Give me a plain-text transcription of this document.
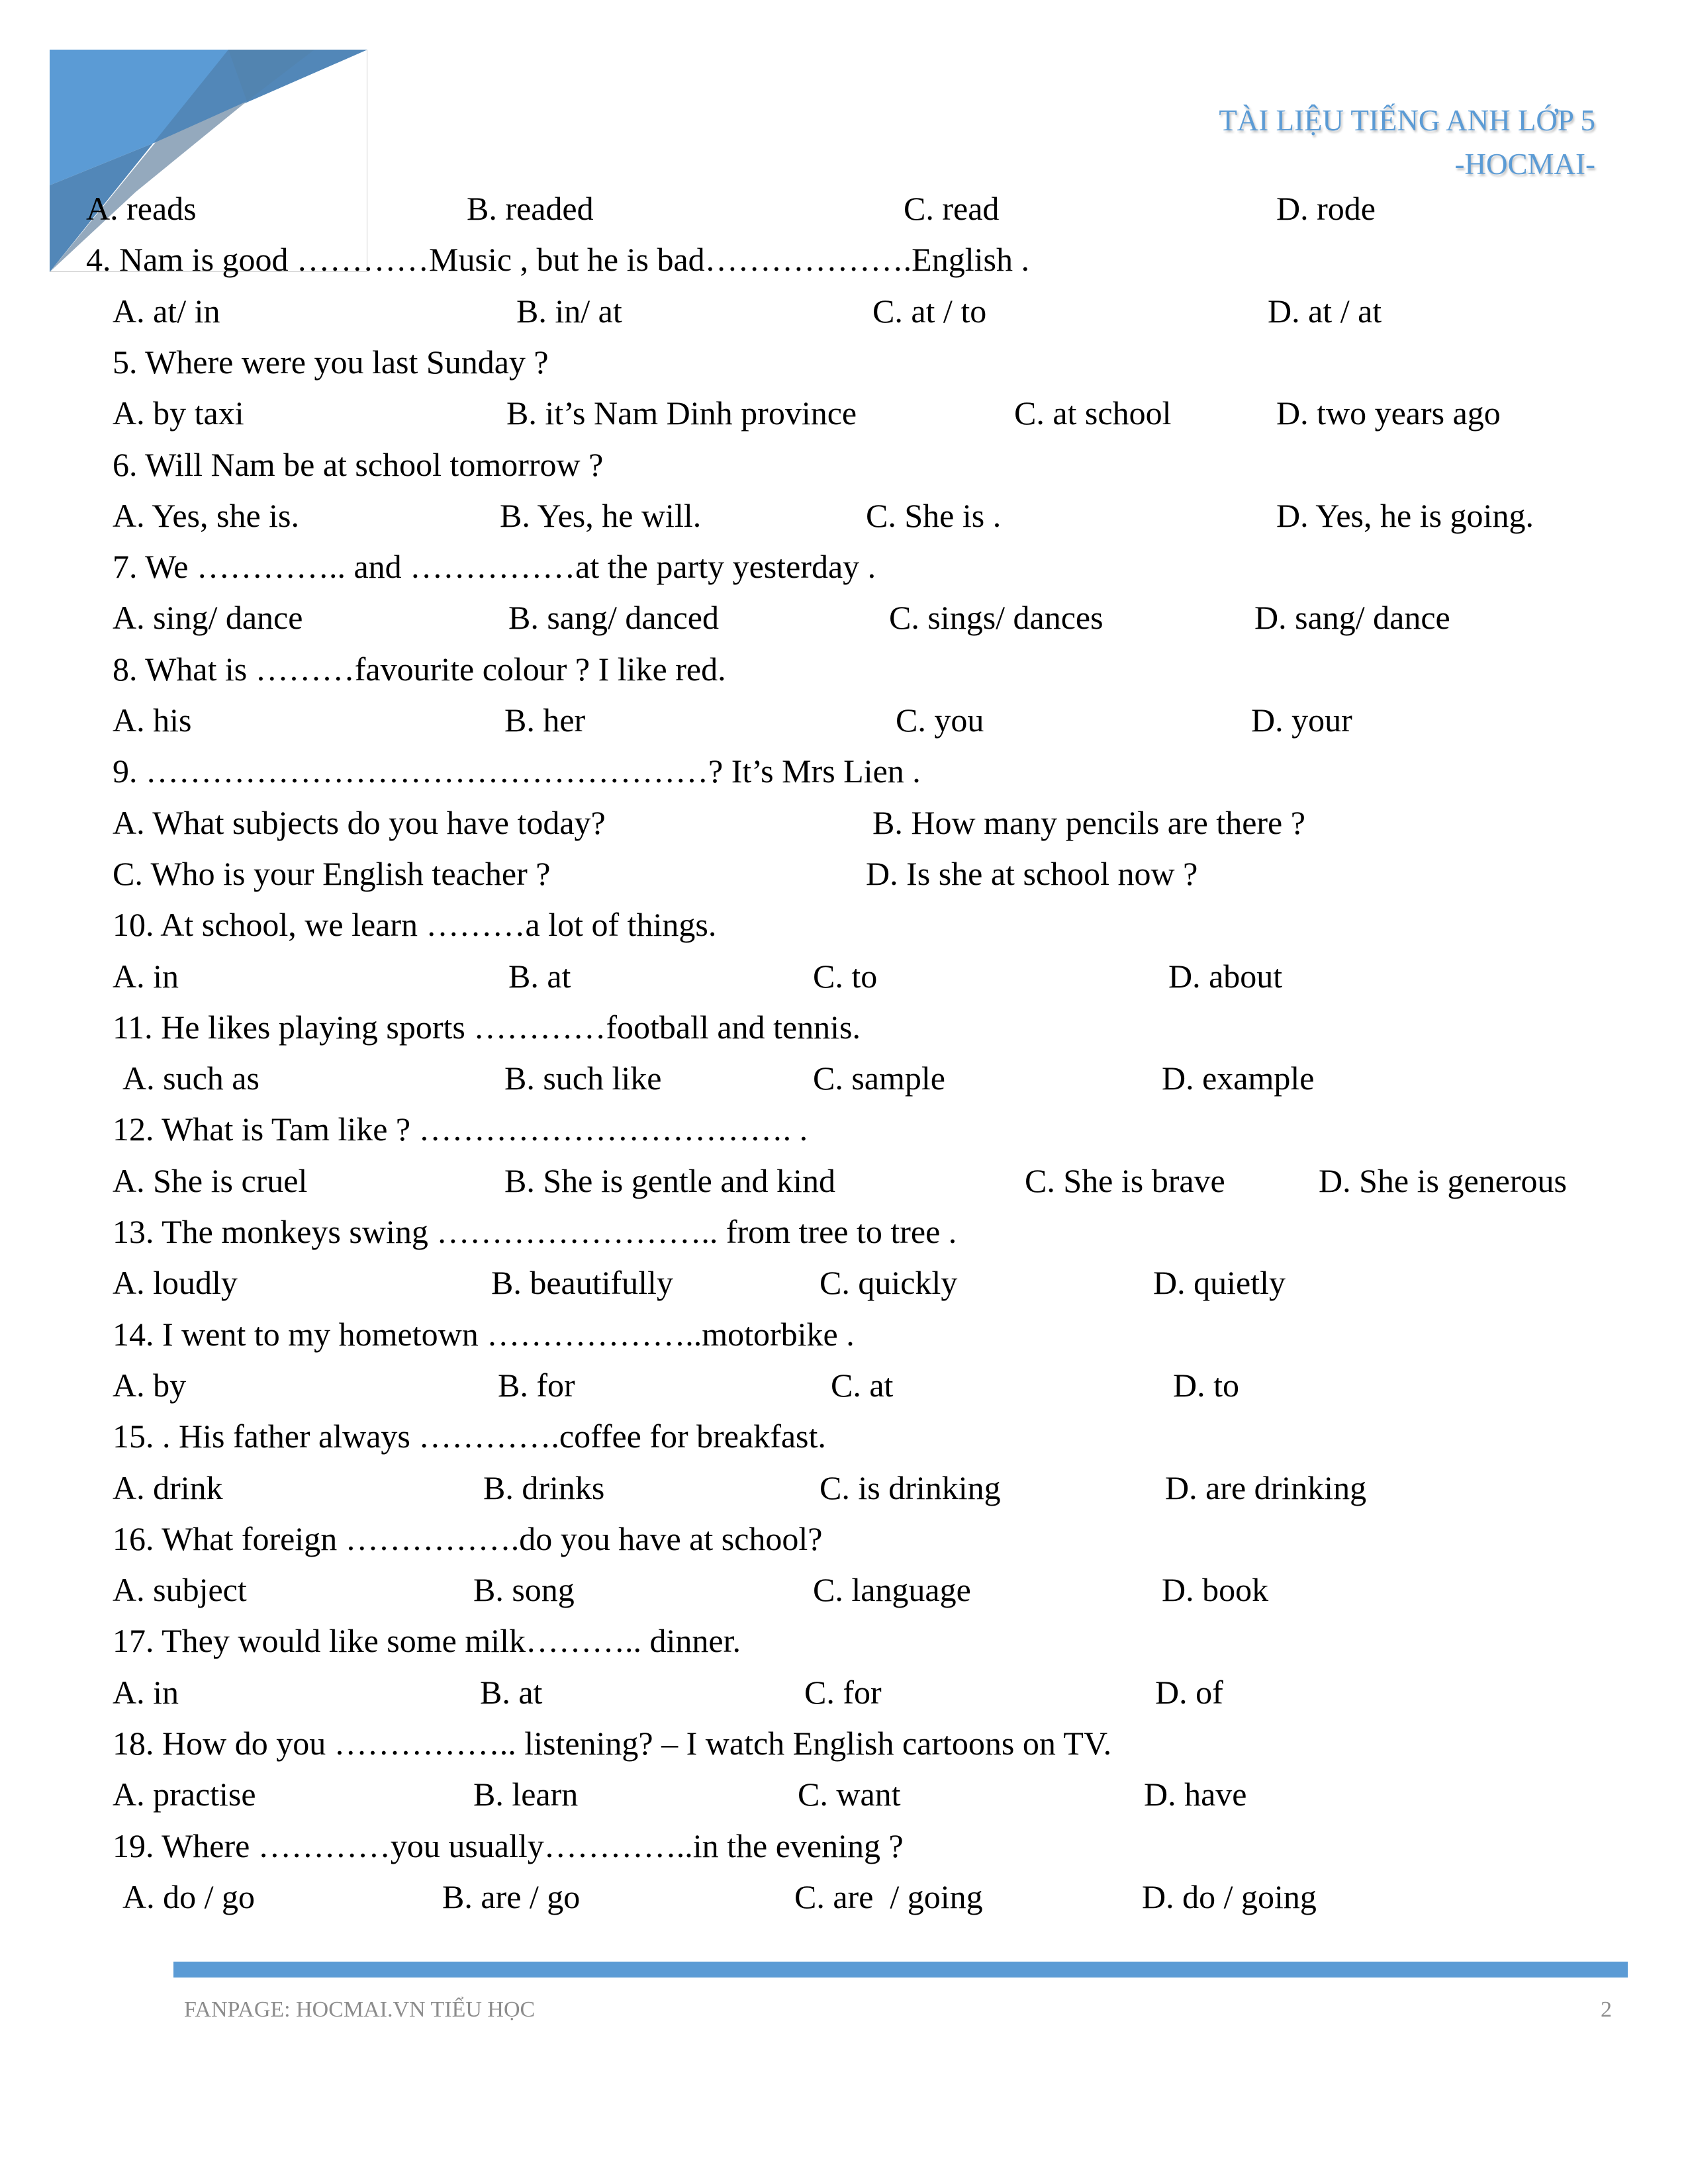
TÀI LIỆU TIẾNG ANH LỚP 5
-HOCMAI-
A. reads	B. readed	C. read	D. rode
4. Nam is good …………Music , but he is bad……………….English .
A. at/ in	B. in/ at	C. at / to	D. at / at
5. Where were you last Sunday ?
A. by taxi	B. it’s Nam Dinh province	C. at school	D. two years ago
6. Will Nam be at school tomorrow ?
A. Yes, she is.	B. Yes, he will.	C. She is .	D. Yes, he is going.
7. We ………….. and ……………at the party yesterday .
A. sing/ dance	B. sang/ danced	C. sings/ dances	D. sang/ dance
8. What is ………favourite colour ? I like red.
A. his	B. her	C. you	D. your
9. ……………………………………………? It’s Mrs Lien .
A. What subjects do you have today?	B. How many pencils are there ?
C. Who is your English teacher ?	D. Is she at school now ?
10. At school, we learn ………a lot of things.
A. in	B. at	C. to	D. about
11. He likes playing sports …………football and tennis.
A. such as	B. such like	C. sample	D. example
12. What is Tam like ? ……………………………. .
A. She is cruel	B. She is gentle and kind	C. She is brave	D. She is generous
13. The monkeys swing …………………….. from tree to tree .
A. loudly	B. beautifully	C. quickly	D. quietly
14. I went to my hometown ………………..motorbike .
A. by	B. for	C. at	D. to
15. . His father always ………….coffee for breakfast.
A. drink	B. drinks	C. is drinking	D. are drinking
16. What foreign …………….do you have at school?
A. subject	B. song	C. language	D. book
17. They would like some milk……….. dinner.
A. in	B. at	C. for	D. of
18. How do you …………….. listening? – I watch English cartoons on TV.
A. practise	B. learn	C. want	D. have
19. Where …………you usually…………..in the evening ?
A. do / go	B. are / go	C. are  / going	D. do / going
FANPAGE: HOCMAI.VN TIỂU HỌC	2
